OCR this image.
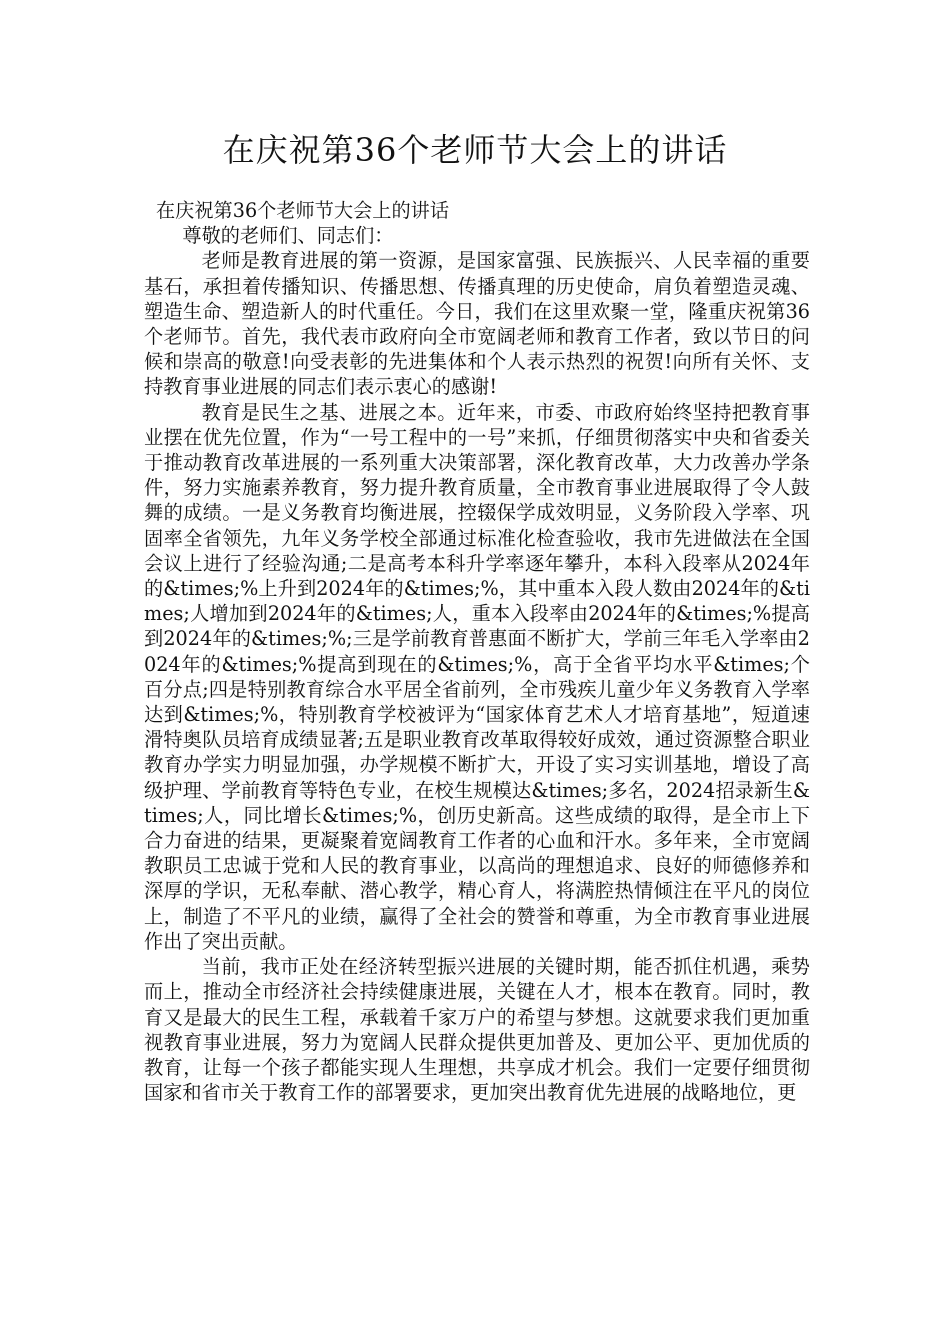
在庆祝第36个老师节大会上的讲话

在庆祝第36个老师节大会上的讲话

尊敬的老师们、同志们：

老师是教育进展的第一资源，是国家富强、民族振兴、人民幸福的重要基石，承担着传播知识、传播思想、传播真理的历史使命，肩负着塑造灵魂、塑造生命、塑造新人的时代重任。今日，我们在这里欢聚一堂，隆重庆祝第36个老师节。首先，我代表市政府向全市宽阔老师和教育工作者，致以节日的问候和崇高的敬意!向受表彰的先进集体和个人表示热烈的祝贺!向所有关怀、支持教育事业进展的同志们表示衷心的感谢!

教育是民生之基、进展之本。近年来，市委、市政府始终坚持把教育事业摆在优先位置，作为“一号工程中的一号”来抓，仔细贯彻落实中央和省委关于推动教育改革进展的一系列重大决策部署，深化教育改革，大力改善办学条件，努力实施素养教育，努力提升教育质量，全市教育事业进展取得了令人鼓舞的成绩。一是义务教育均衡进展，控辍保学成效明显，义务阶段入学率、巩固率全省领先，九年义务学校全部通过标准化检查验收，我市先进做法在全国会议上进行了经验沟通;二是高考本科升学率逐年攀升，本科入段率从2024年的&times;%上升到2024年的&times;%，其中重本入段人数由2024年的&times;人增加到2024年的&times;人，重本入段率由2024年的&times;%提高到2024年的&times;%;三是学前教育普惠面不断扩大，学前三年毛入学率由2024年的&times;%提高到现在的&times;%，高于全省平均水平&times;个百分点;四是特别教育综合水平居全省前列，全市残疾儿童少年义务教育入学率达到&times;%，特别教育学校被评为“国家体育艺术人才培育基地”，短道速滑特奥队员培育成绩显著;五是职业教育改革取得较好成效，通过资源整合职业教育办学实力明显加强，办学规模不断扩大，开设了实习实训基地，增设了高级护理、学前教育等特色专业，在校生规模达&times;多名，2024招录新生&times;人，同比增长&times;%，创历史新高。这些成绩的取得，是全市上下合力奋进的结果，更凝聚着宽阔教育工作者的心血和汗水。多年来，全市宽阔教职员工忠诚于党和人民的教育事业，以高尚的理想追求、良好的师德修养和深厚的学识，无私奉献、潜心教学，精心育人，将满腔热情倾注在平凡的岗位上，制造了不平凡的业绩，赢得了全社会的赞誉和尊重，为全市教育事业进展作出了突出贡献。

当前，我市正处在经济转型振兴进展的关键时期，能否抓住机遇，乘势而上，推动全市经济社会持续健康进展，关键在人才，根本在教育。同时，教育又是最大的民生工程，承载着千家万户的希望与梦想。这就要求我们更加重视教育事业进展，努力为宽阔人民群众提供更加普及、更加公平、更加优质的教育，让每一个孩子都能实现人生理想，共享成才机会。我们一定要仔细贯彻国家和省市关于教育工作的部署要求，更加突出教育优先进展的战略地位，更
